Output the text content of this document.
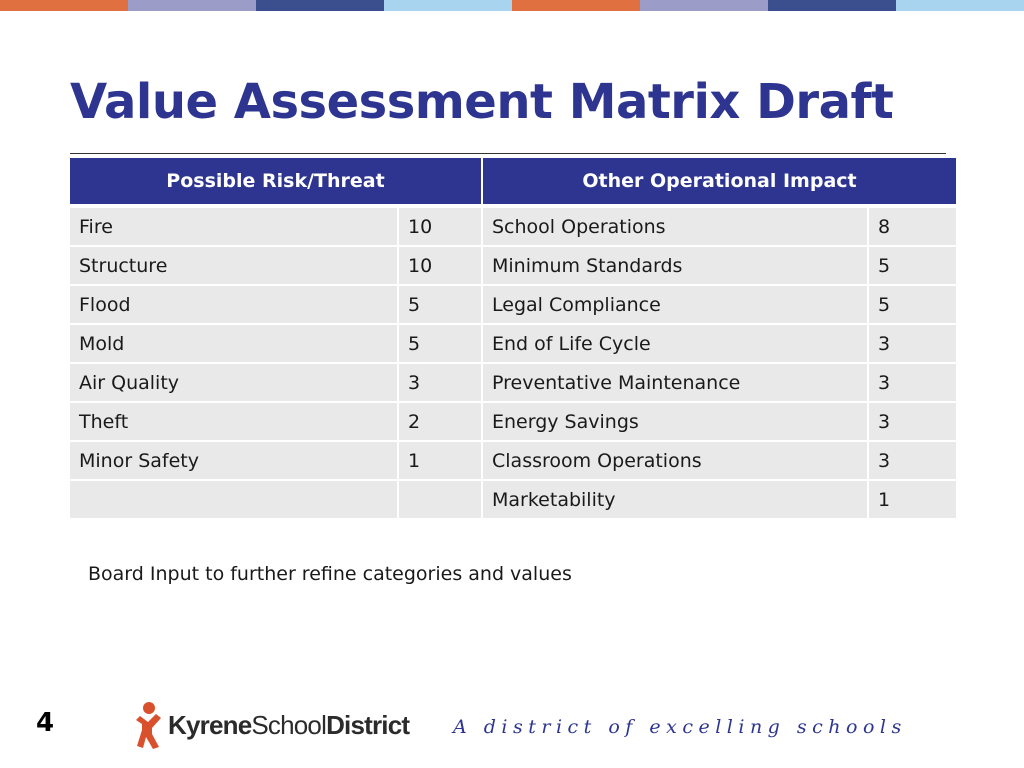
Value Assessment Matrix Draft
Possible Risk/Threat		Other Operational Impact	
Fire	10	School Operations	8
Structure	10	Minimum Standards	5
Flood	5	Legal Compliance	5
Mold	5	End of Life Cycle	3
Air Quality	3	Preventative Maintenance	3
Theft	2	Energy Savings	3
Minor Safety	1	Classroom Operations	3
		Marketability	1
Board Input to further refine categories and values
4	KyreneSchoolDistrict A district of excelling schools
